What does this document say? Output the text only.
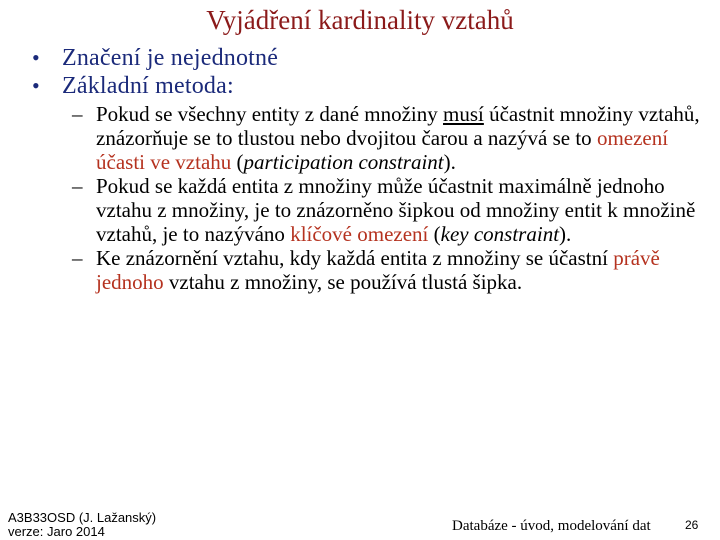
Vyjádření kardinality vztahů
• Značení je nejednotné
• Základní metoda:
– Pokud se všechny entity z dané množiny musí účastnit množiny vztahů, znázorňuje se to tlustou nebo dvojitou čarou a nazývá se to omezení účasti ve vztahu (participation constraint).
– Pokud se každá entita z množiny může účastnit maximálně jednoho vztahu z množiny, je to znázorněno šipkou od množiny entit k množině vztahů, je to nazýváno klíčové omezení (key constraint).
– Ke znázornění vztahu, kdy každá entita z množiny se účastní právě jednoho vztahu z množiny, se používá tlustá šipka.
A3B33OSD (J. Lažanský)
verze: Jaro 2014	Databáze - úvod, modelování dat	26
